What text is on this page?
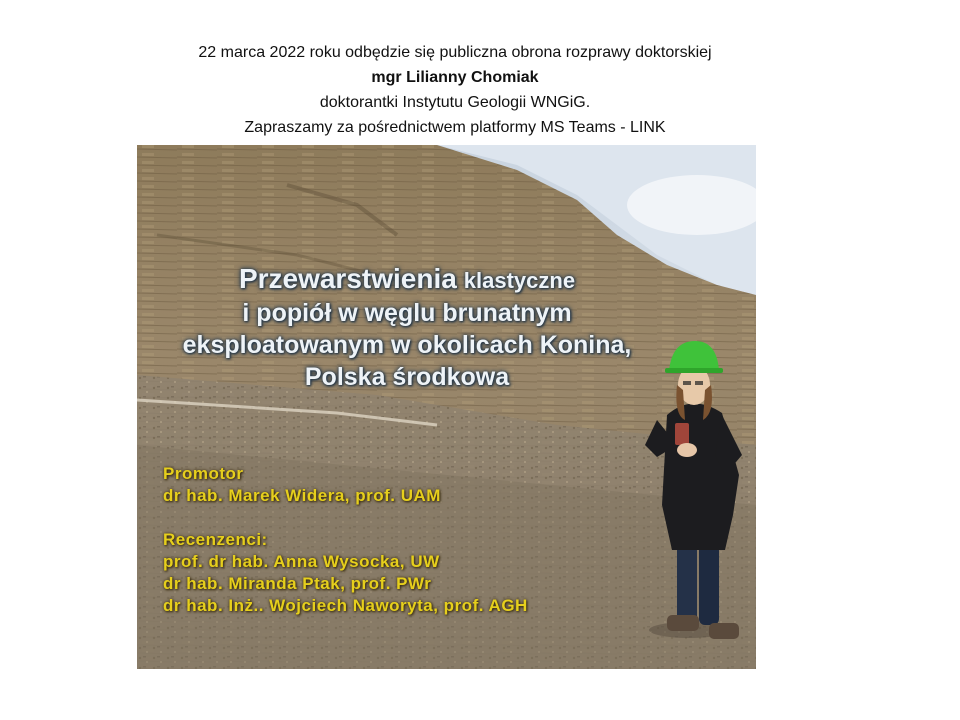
22 marca 2022 roku odbędzie się publiczna obrona rozprawy doktorskiej
mgr Lilianny Chomiak
doktorantki Instytutu Geologii WNGiG.
Zapraszamy za pośrednictwem platformy MS Teams - LINK
Przewarstwienia klastyczne
i popiół w węglu brunatnym
eksploatowanym w okolicach Konina,
Polska środkowa
Promotor
dr hab. Marek Widera, prof. UAM
Recenzenci:
prof. dr hab. Anna Wysocka, UW
dr hab. Miranda Ptak, prof. PWr
dr hab. Inż.. Wojciech Naworyta, prof. AGH
